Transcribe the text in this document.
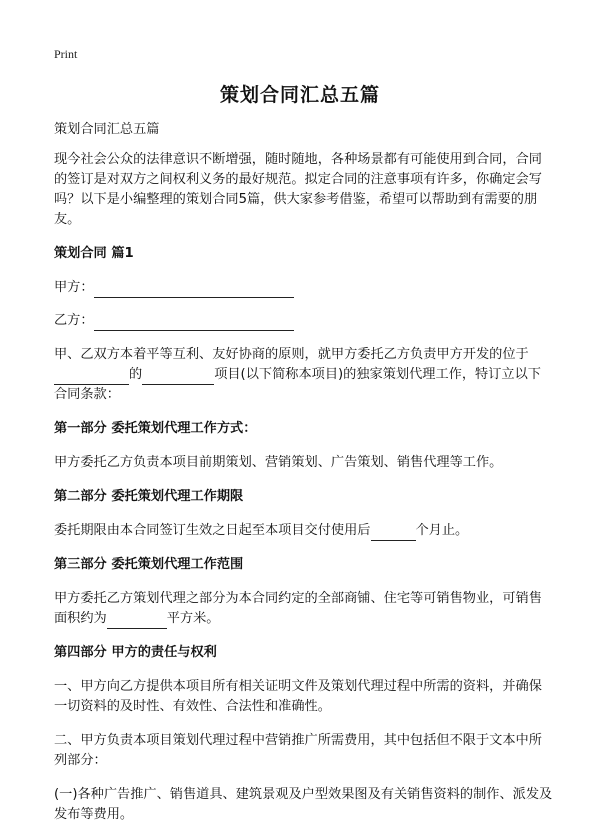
Print
策划合同汇总五篇

策划合同汇总五篇

现今社会公众的法律意识不断增强，随时随地，各种场景都有可能使用到合同，合同的签订是对双方之间权利义务的最好规范。拟定合同的注意事项有许多，你确定会写吗？以下是小编整理的策划合同5篇，供大家参考借鉴，希望可以帮助到有需要的朋友。

策划合同 篇1
甲方：
乙方：

甲、乙双方本着平等互利、友好协商的原则，就甲方委托乙方负责甲方开发的位于的	项目(以下简称本项目)的独家策划代理工作，特订立以下合同条款：

第一部分 委托策划代理工作方式：

甲方委托乙方负责本项目前期策划、营销策划、广告策划、销售代理等工作。

第二部分 委托策划代理工作期限

委托期限由本合同签订生效之日起至本项目交付使用后	个月止。

第三部分 委托策划代理工作范围

甲方委托乙方策划代理之部分为本合同约定的全部商铺、住宅等可销售物业，可销售面积约为	平方米。

第四部分 甲方的责任与权利

一、甲方向乙方提供本项目所有相关证明文件及策划代理过程中所需的资料，并确保一切资料的及时性、有效性、合法性和准确性。

二、甲方负责本项目策划代理过程中营销推广所需费用，其中包括但不限于文本中所列部分：

(一)各种广告推广、销售道具、建筑景观及户型效果图及有关销售资料的制作、派发及发布等费用。
